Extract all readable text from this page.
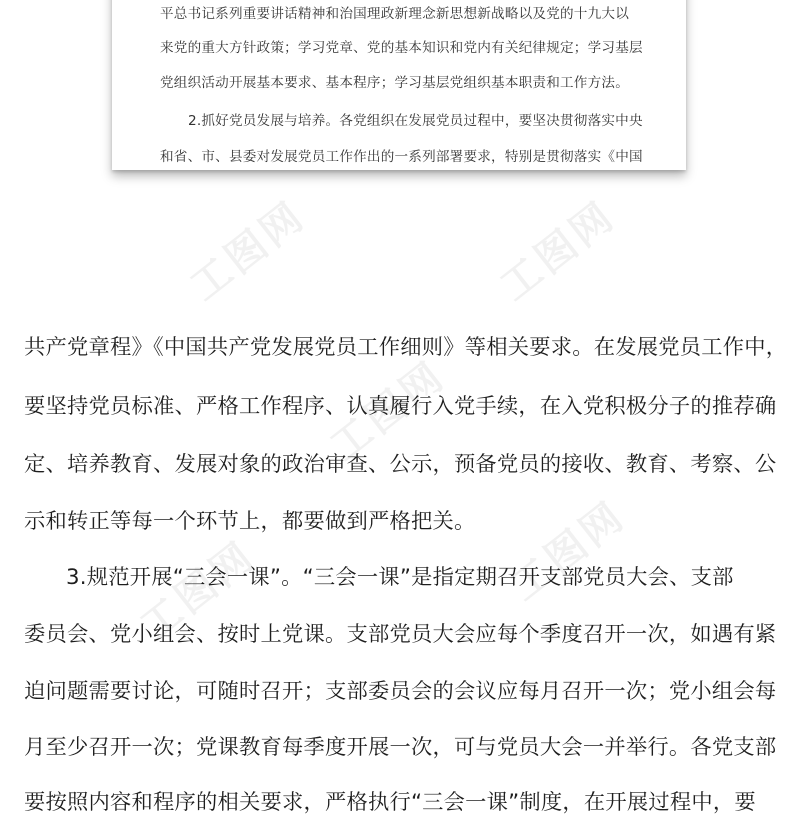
平总书记系列重要讲话精神和治国理政新理念新思想新战略以及党的十九大以

来党的重大方针政策；学习党章、党的基本知识和党内有关纪律规定；学习基层

党组织活动开展基本要求、基本程序；学习基层党组织基本职责和工作方法。

2.抓好党员发展与培养。各党组织在发展党员过程中，要坚决贯彻落实中央

和省、市、县委对发展党员工作作出的一系列部署要求，特别是贯彻落实《中国

工图网	工图网
工图网
工图网	工图网

共产党章程》《中国共产党发展党员工作细则》等相关要求。在发展党员工作中，

要坚持党员标准、严格工作程序、认真履行入党手续，在入党积极分子的推荐确

定、培养教育、发展对象的政治审查、公示，预备党员的接收、教育、考察、公

示和转正等每一个环节上，都要做到严格把关。

3.规范开展“三会一课”。“三会一课”是指定期召开支部党员大会、支部

委员会、党小组会、按时上党课。支部党员大会应每个季度召开一次，如遇有紧

迫问题需要讨论，可随时召开；支部委员会的会议应每月召开一次；党小组会每

月至少召开一次；党课教育每季度开展一次，可与党员大会一并举行。各党支部

要按照内容和程序的相关要求，严格执行“三会一课”制度，在开展过程中，要
